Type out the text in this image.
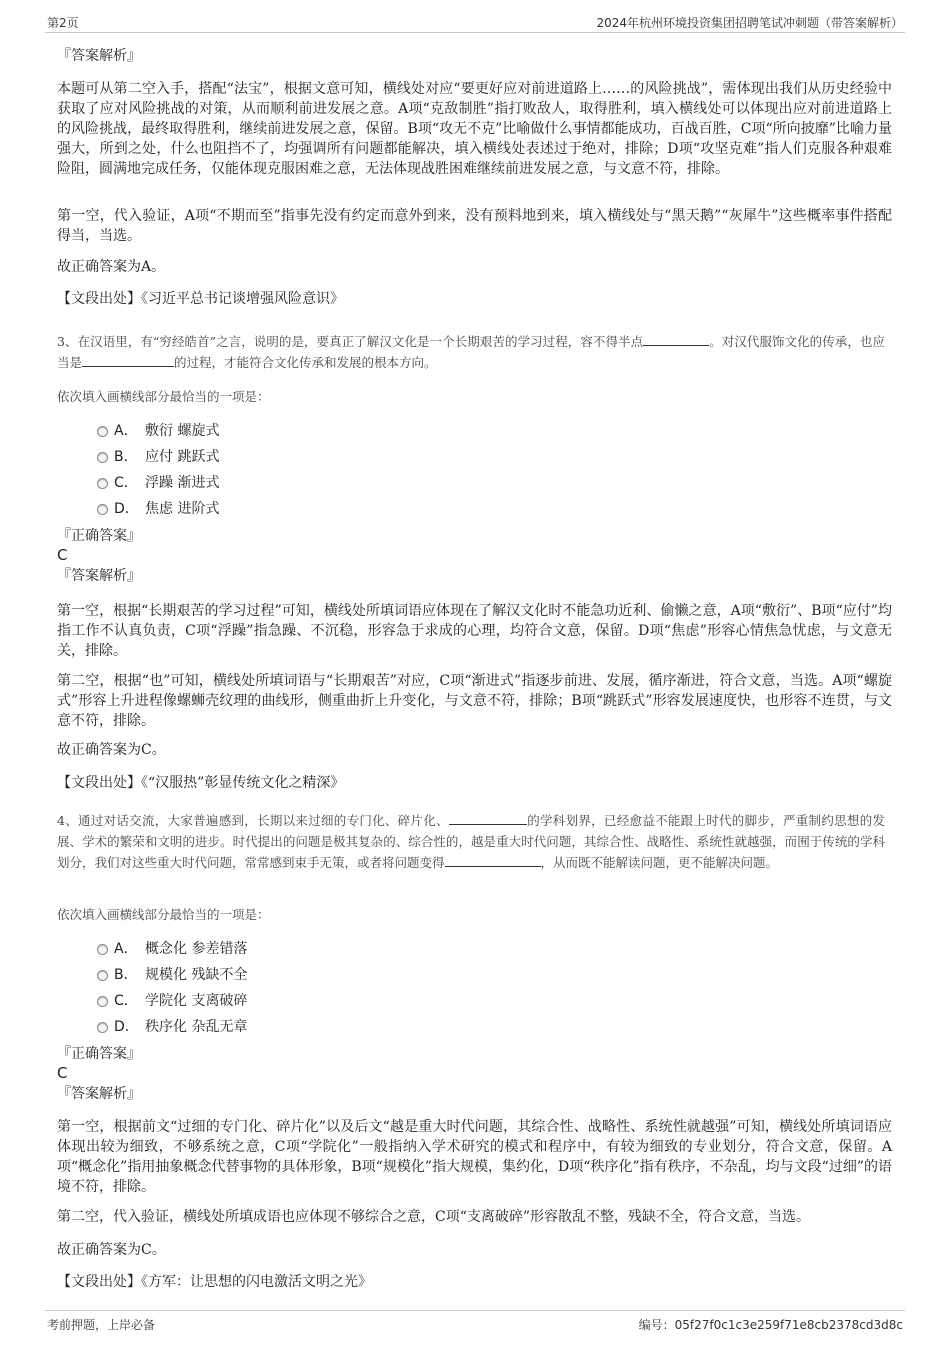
第2页	2024年杭州环境投资集团招聘笔试冲刺题（带答案解析）
『答案解析』
本题可从第二空入手，搭配“法宝”，根据文意可知，横线处对应“要更好应对前进道路上……的风险挑战”，需体现出我们从历史经验中获取了应对风险挑战的对策，从而顺利前进发展之意。A项“克敌制胜”指打败敌人，取得胜利，填入横线处可以体现出应对前进道路上的风险挑战，最终取得胜利，继续前进发展之意，保留。B项“攻无不克”比喻做什么事情都能成功，百战百胜，C项“所向披靡”比喻力量强大，所到之处，什么也阻挡不了，均强调所有问题都能解决，填入横线处表述过于绝对，排除；D项“攻坚克难”指人们克服各种艰难险阻，圆满地完成任务，仅能体现克服困难之意，无法体现战胜困难继续前进发展之意，与文意不符，排除。
第一空，代入验证，A项“不期而至”指事先没有约定而意外到来，没有预料地到来，填入横线处与“黑天鹅”“灰犀牛”这些概率事件搭配得当，当选。
故正确答案为A。
【文段出处】《习近平总书记谈增强风险意识》
3、在汉语里，有“穷经皓首”之言，说明的是，要真正了解汉文化是一个长期艰苦的学习过程，容不得半点	。对汉代服饰文化的传承，也应当是	的过程，才能符合文化传承和发展的根本方向。
依次填入画横线部分最恰当的一项是：
A． 敷衍 螺旋式
B． 应付 跳跃式
C． 浮躁 渐进式
D． 焦虑 进阶式
『正确答案』
C
『答案解析』
第一空，根据“长期艰苦的学习过程”可知，横线处所填词语应体现在了解汉文化时不能急功近利、偷懒之意，A项“敷衍”、B项“应付”均指工作不认真负责，C项“浮躁”指急躁、不沉稳，形容急于求成的心理，均符合文意，保留。D项“焦虑”形容心情焦急忧虑，与文意无关，排除。
第二空，根据“也”可知，横线处所填词语与“长期艰苦”对应，C项“渐进式”指逐步前进、发展，循序渐进，符合文意，当选。A项“螺旋式”形容上升进程像螺蛳壳纹理的曲线形，侧重曲折上升变化，与文意不符，排除；B项“跳跃式”形容发展速度快，也形容不连贯，与文意不符，排除。
故正确答案为C。
【文段出处】《“汉服热”彰显传统文化之精深》
4、通过对话交流，大家普遍感到，长期以来过细的专门化、碎片化、	的学科划界，已经愈益不能跟上时代的脚步，严重制约思想的发展、学术的繁荣和文明的进步。时代提出的问题是极其复杂的、综合性的，越是重大时代问题，其综合性、战略性、系统性就越强，而囿于传统的学科划分，我们对这些重大时代问题，常常感到束手无策，或者将问题变得	，从而既不能解读问题，更不能解决问题。
依次填入画横线部分最恰当的一项是：
A． 概念化 参差错落
B． 规模化 残缺不全
C． 学院化 支离破碎
D． 秩序化 杂乱无章
『正确答案』
C
『答案解析』
第一空，根据前文“过细的专门化、碎片化”以及后文“越是重大时代问题，其综合性、战略性、系统性就越强”可知，横线处所填词语应体现出较为细致，不够系统之意，C项“学院化”一般指纳入学术研究的模式和程序中，有较为细致的专业划分，符合文意，保留。A项“概念化”指用抽象概念代替事物的具体形象，B项“规模化”指大规模，集约化，D项“秩序化”指有秩序，不杂乱，均与文段“过细”的语境不符，排除。
第二空，代入验证，横线处所填成语也应体现不够综合之意，C项“支离破碎”形容散乱不整，残缺不全，符合文意，当选。
故正确答案为C。
【文段出处】《方军：让思想的闪电激活文明之光》
考前押题，上岸必备	编号：05f27f0c1c3e259f71e8cb2378cd3d8c
